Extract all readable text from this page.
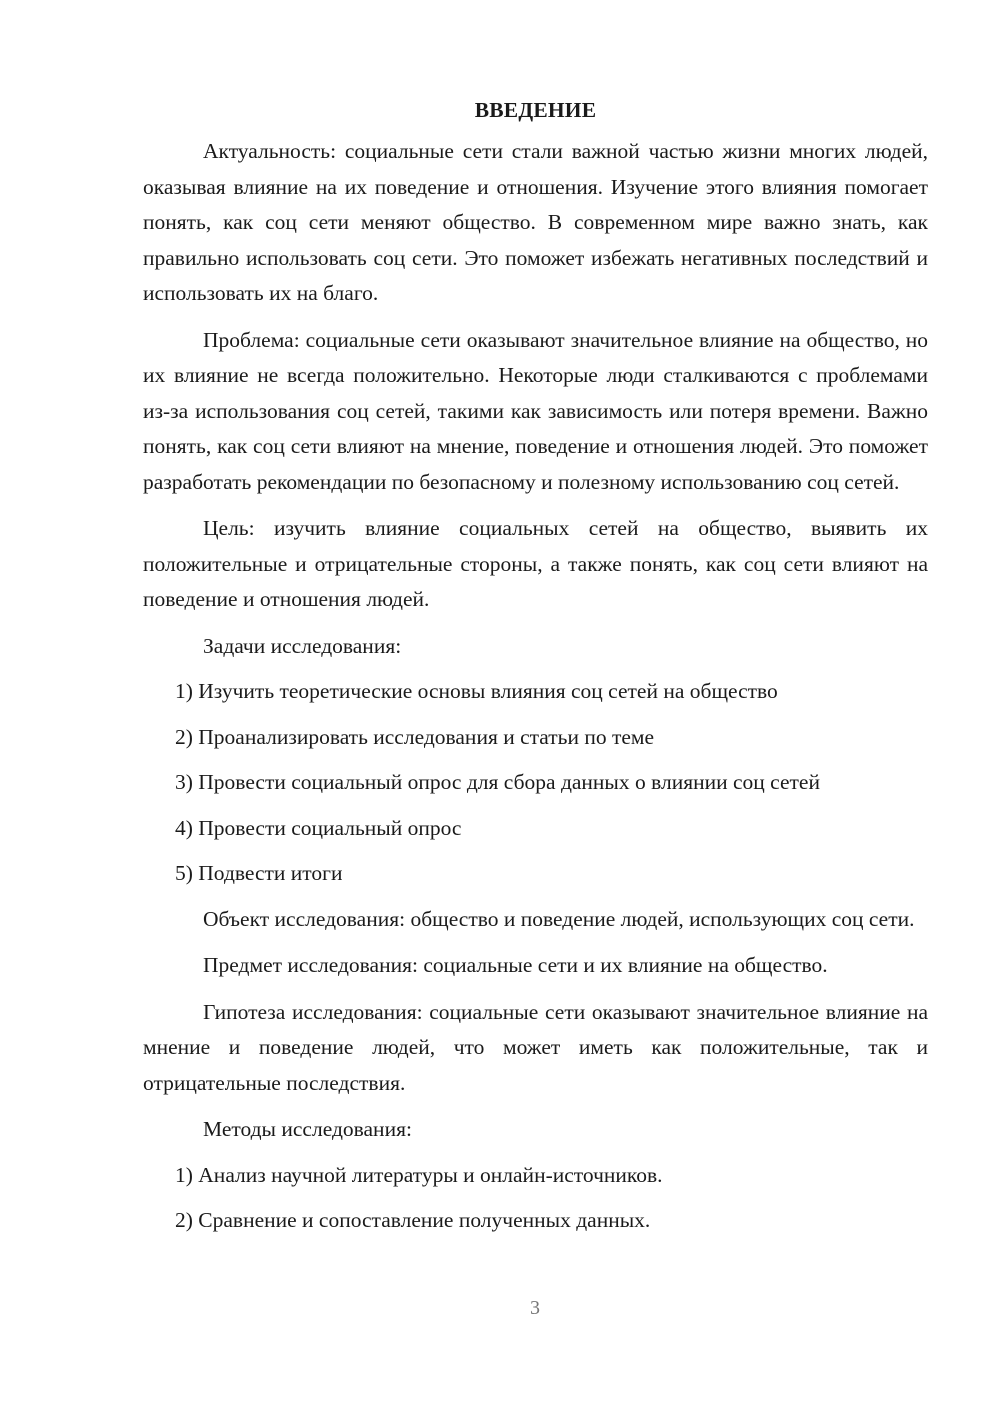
ВВЕДЕНИЕ
Актуальность: социальные сети стали важной частью жизни многих людей, оказывая влияние на их поведение и отношения. Изучение этого влияния помогает понять, как соц сети меняют общество. В современном мире важно знать, как правильно использовать соц сети. Это поможет избежать негативных последствий и использовать их на благо.
Проблема: социальные сети оказывают значительное влияние на общество, но их влияние не всегда положительно. Некоторые люди сталкиваются с проблемами из-за использования соц сетей, такими как зависимость или потеря времени. Важно понять, как соц сети влияют на мнение, поведение и отношения людей. Это поможет разработать рекомендации по безопасному и полезному использованию соц сетей.
Цель: изучить влияние социальных сетей на общество, выявить их положительные и отрицательные стороны, а также понять, как соц сети влияют на поведение и отношения людей.
Задачи исследования:
1) Изучить теоретические основы влияния соц сетей на общество
2) Проанализировать исследования и статьи по теме
3) Провести социальный опрос для сбора данных о влиянии соц сетей
4) Провести социальный опрос
5) Подвести итоги
Объект исследования: общество и поведение людей, использующих соц сети.
Предмет исследования: социальные сети и их влияние на общество.
Гипотеза исследования: социальные сети оказывают значительное влияние на мнение и поведение людей, что может иметь как положительные, так и отрицательные последствия.
Методы исследования:
1) Анализ научной литературы и онлайн-источников.
2) Сравнение и сопоставление полученных данных.
3
